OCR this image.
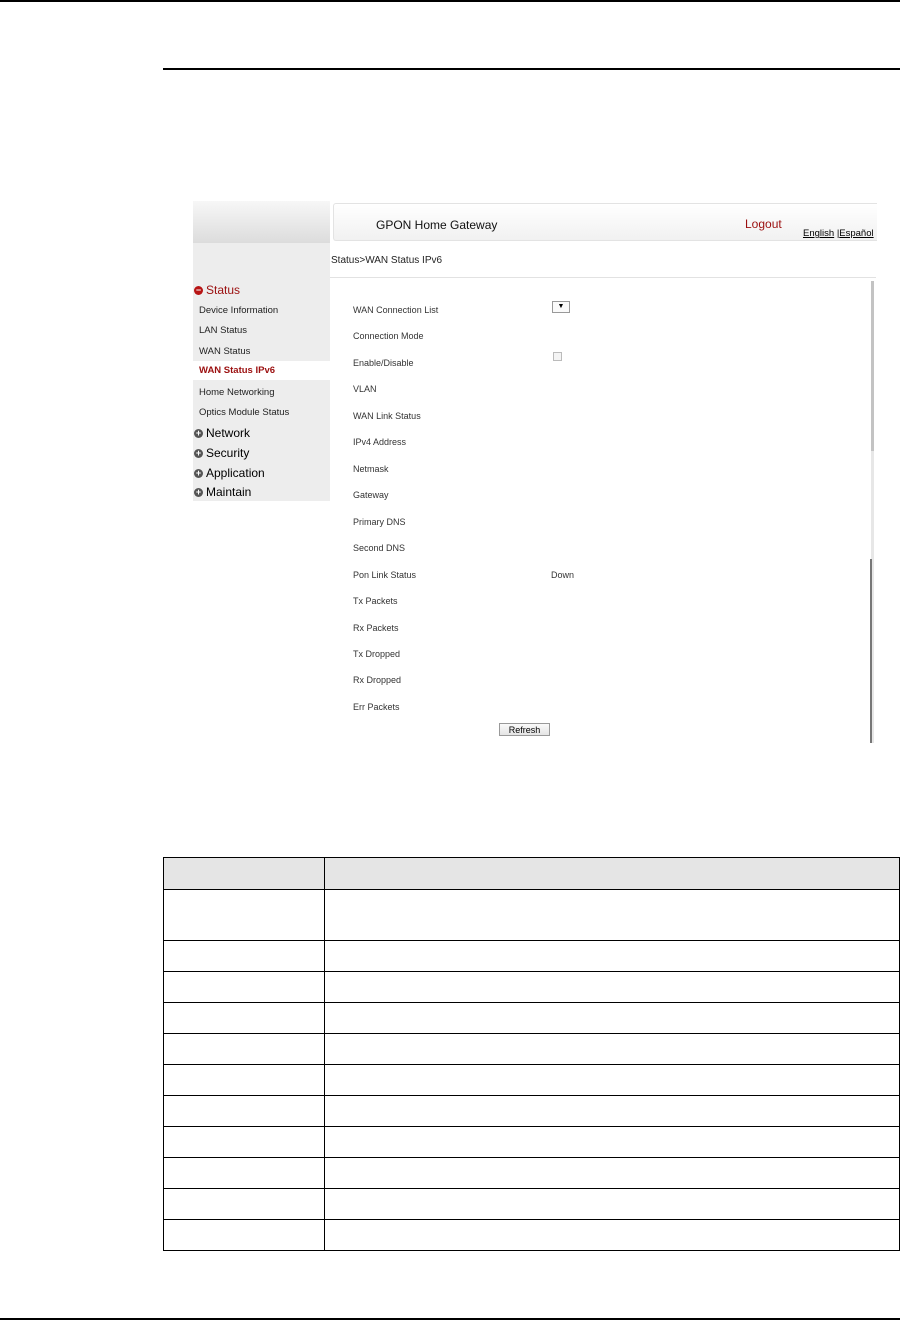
− Status
Device Information
LAN Status
WAN Status
WAN Status IPv6
Home Networking
Optics Module Status
+ Network
+ Security
+ Application
+ Maintain
GPON Home Gateway	Logout
English |Español
Status>WAN Status IPv6
WAN Connection List	▼
Connection Mode
Enable/Disable
VLAN
WAN Link Status
IPv4 Address
Netmask
Gateway
Primary DNS
Second DNS
Pon Link Status	Down
Tx Packets
Rx Packets
Tx Dropped
Rx Dropped
Err Packets
Refresh
